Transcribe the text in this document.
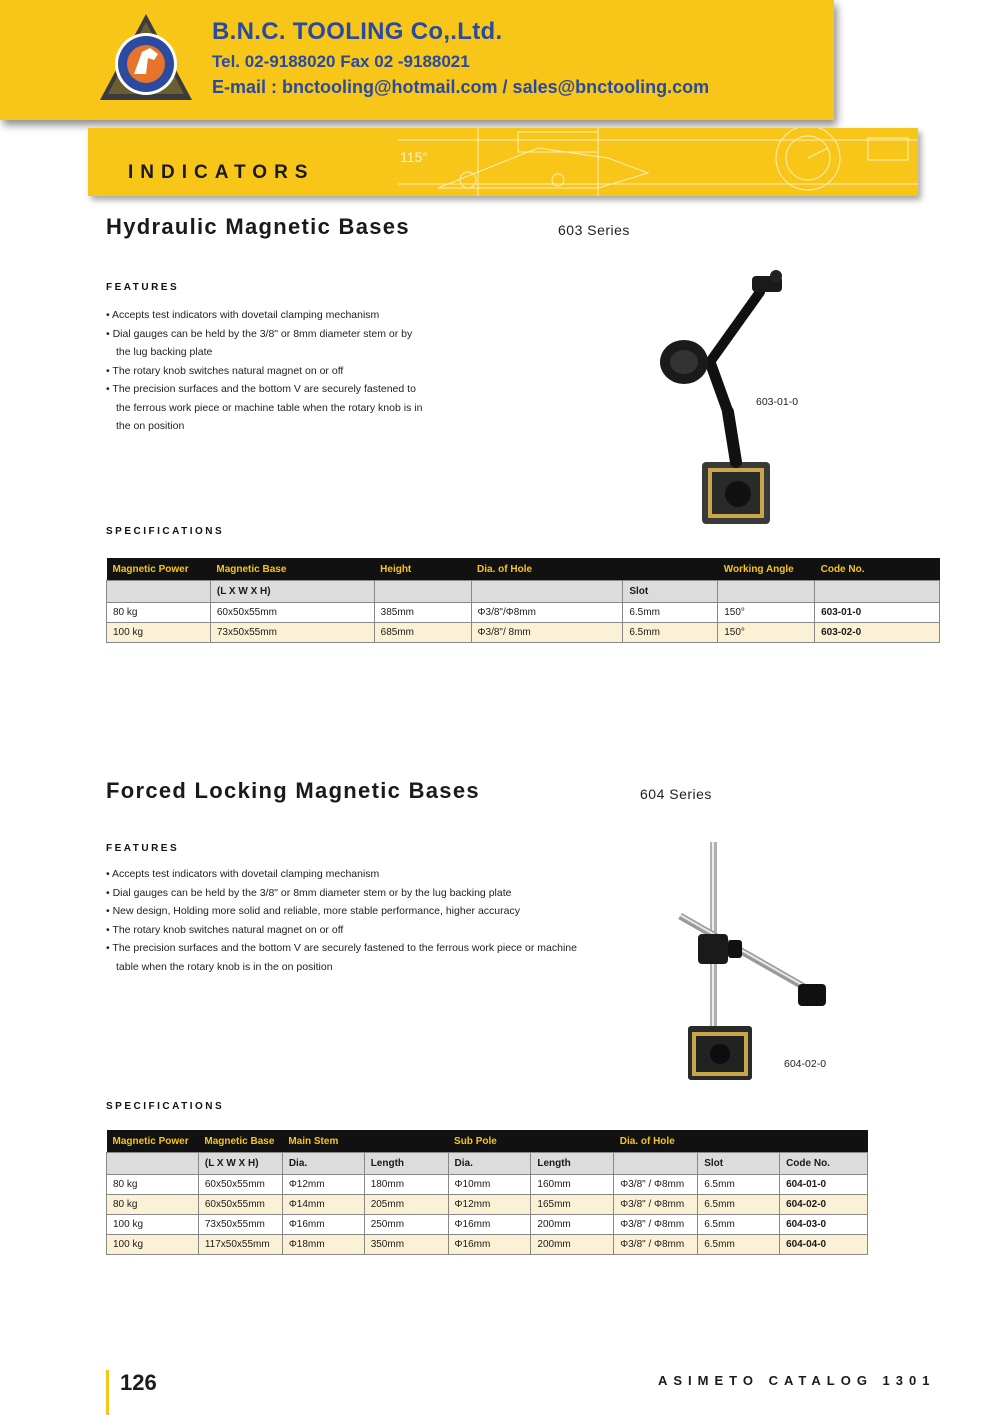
B.N.C. TOOLING Co,.Ltd.
Tel. 02-9188020 Fax 02 -9188021
E-mail : bnctooling@hotmail.com / sales@bnctooling.com
INDICATORS
115°
Hydraulic Magnetic Bases	603 Series
FEATURES
• Accepts test indicators with dovetail clamping mechanism
• Dial gauges can be held by the 3/8" or 8mm diameter stem or by the lug backing plate
• The rotary knob switches natural magnet on or off
• The precision surfaces and the bottom V are securely fastened to the ferrous work piece or machine table when the rotary knob is in the on position
603-01-0
SPECIFICATIONS
Magnetic Power	Magnetic Base	Height	Dia. of Hole		Working Angle	Code No.
	(L X W X H)			Slot		
80 kg	60x50x55mm	385mm	Φ3/8"/Φ8mm	6.5mm	150°	603-01-0
100 kg	73x50x55mm	685mm	Φ3/8"/ 8mm	6.5mm	150°	603-02-0
Forced Locking Magnetic Bases	604 Series
FEATURES
• Accepts test indicators with dovetail clamping mechanism
• Dial gauges can be held by the 3/8" or 8mm diameter stem or by the lug backing plate
• New design, Holding more solid and reliable, more stable performance, higher accuracy
• The rotary knob switches natural magnet on or off
• The precision surfaces and the bottom V are securely fastened to the ferrous work piece or machine table when the rotary knob is in the on position
604-02-0
SPECIFICATIONS
Magnetic Power	Magnetic Base	Main Stem		Sub Pole		Dia. of Hole		
	(L X W X H)	Dia.	Length	Dia.	Length		Slot	Code No.
80 kg	60x50x55mm	Φ12mm	180mm	Φ10mm	160mm	Φ3/8" / Φ8mm	6.5mm	604-01-0
80 kg	60x50x55mm	Φ14mm	205mm	Φ12mm	165mm	Φ3/8" / Φ8mm	6.5mm	604-02-0
100 kg	73x50x55mm	Φ16mm	250mm	Φ16mm	200mm	Φ3/8" / Φ8mm	6.5mm	604-03-0
100 kg	117x50x55mm	Φ18mm	350mm	Φ16mm	200mm	Φ3/8" / Φ8mm	6.5mm	604-04-0
126	ASIMETO CATALOG 1301
